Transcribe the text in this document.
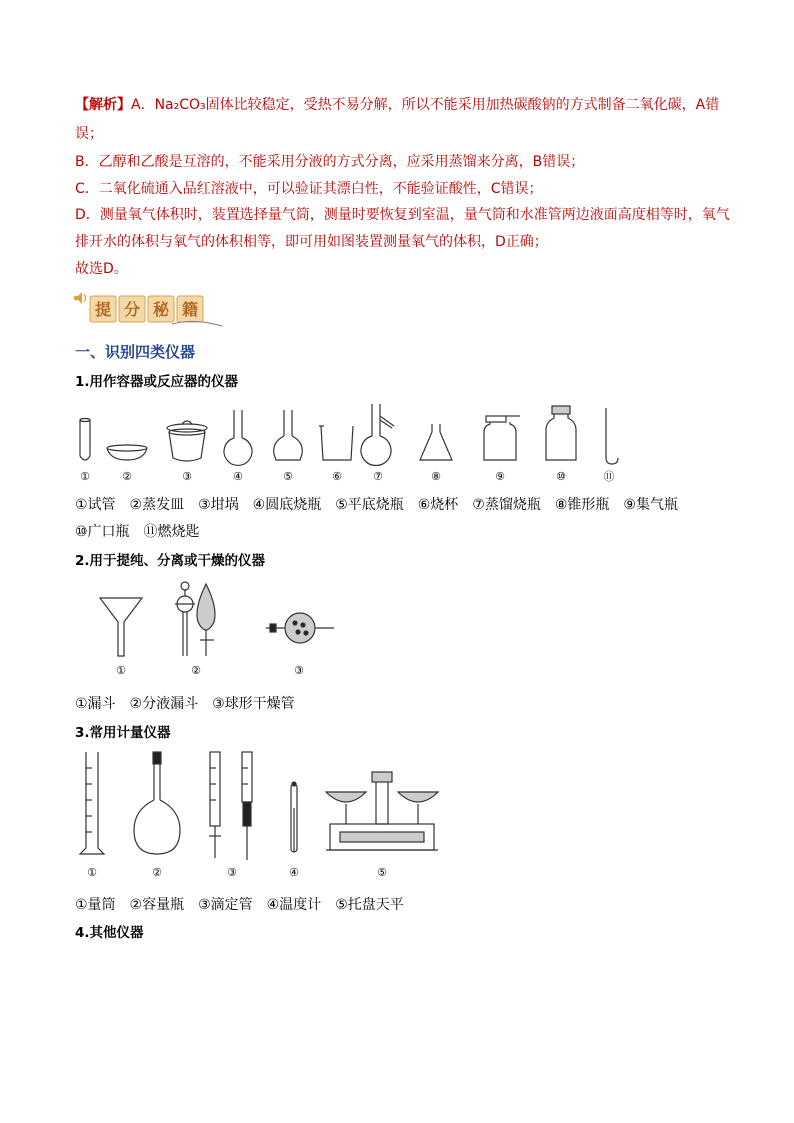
【解析】A．Na₂CO₃固体比较稳定，受热不易分解，所以不能采用加热碳酸钠的方式制备二氧化碳，A错
误；
B．乙醇和乙酸是互溶的，不能采用分液的方式分离，应采用蒸馏来分离，B错误；
C．二氧化硫通入品红溶液中，可以验证其漂白性，不能验证酸性，C错误；
D．测量氧气体积时，装置选择量气筒，测量时要恢复到室温，量气筒和水准管两边液面高度相等时，氧气
排开水的体积与氧气的体积相等，即可用如图装置测量氧气的体积，D正确；
故选D。
提 分 秘 籍
一、识别四类仪器
1.用作容器或反应器的仪器
①	②	③	④	⑤	⑥	⑦	⑧	⑨	⑩	⑪
①试管　②蒸发皿　③坩埚　④圆底烧瓶　⑤平底烧瓶　⑥烧杯　⑦蒸馏烧瓶　⑧锥形瓶　⑨集气瓶
⑩广口瓶　⑪燃烧匙
2.用于提纯、分离或干燥的仪器
①	②	③
①漏斗　②分液漏斗　③球形干燥管
3.常用计量仪器
①	②	③	④	⑤
①量筒　②容量瓶　③滴定管　④温度计　⑤托盘天平
4.其他仪器
